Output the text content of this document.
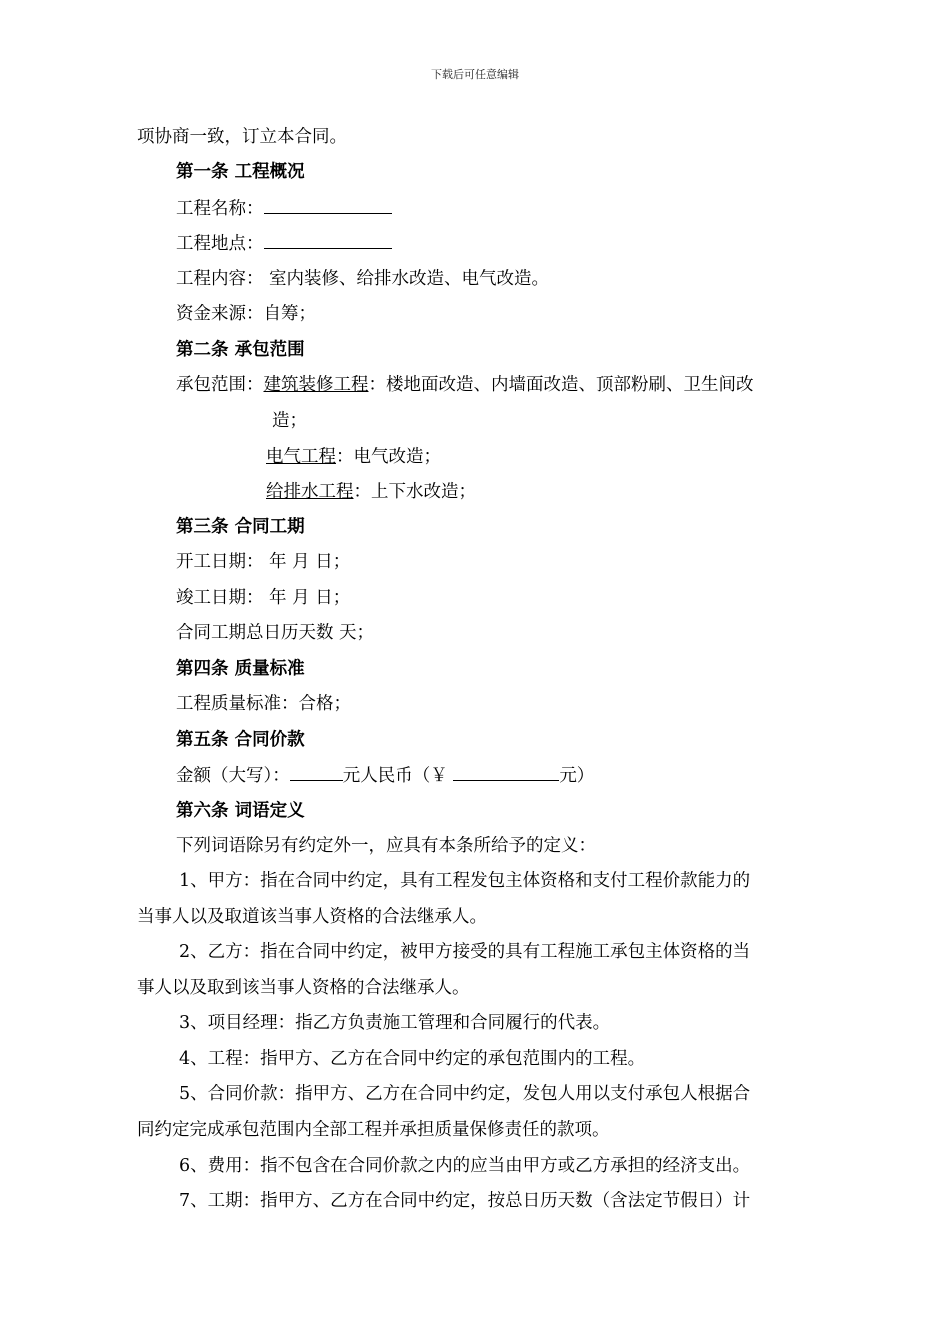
下载后可任意编辑
项协商一致，订立本合同。
第一条 工程概况
工程名称：
工程地点：
工程内容： 室内装修、给排水改造、电气改造。
资金来源：自筹；
第二条 承包范围
承包范围：建筑装修工程：楼地面改造、内墙面改造、顶部粉刷、卫生间改
造；
电气工程：电气改造；
给排水工程：上下水改造；
第三条 合同工期
开工日期： 年 月 日；
竣工日期： 年 月 日；
合同工期总日历天数 天；
第四条 质量标准
工程质量标准：合格；
第五条 合同价款
金额（大写）：	元人民币（￥	元）
第六条 词语定义
下列词语除另有约定外一，应具有本条所给予的定义：
1、甲方：指在合同中约定，具有工程发包主体资格和支付工程价款能力的
当事人以及取道该当事人资格的合法继承人。
2、乙方：指在合同中约定，被甲方接受的具有工程施工承包主体资格的当
事人以及取到该当事人资格的合法继承人。
3、项目经理：指乙方负责施工管理和合同履行的代表。
4、工程：指甲方、乙方在合同中约定的承包范围内的工程。
5、合同价款：指甲方、乙方在合同中约定，发包人用以支付承包人根据合
同约定完成承包范围内全部工程并承担质量保修责任的款项。
6、费用：指不包含在合同价款之内的应当由甲方或乙方承担的经济支出。
7、工期：指甲方、乙方在合同中约定，按总日历天数（含法定节假日）计
